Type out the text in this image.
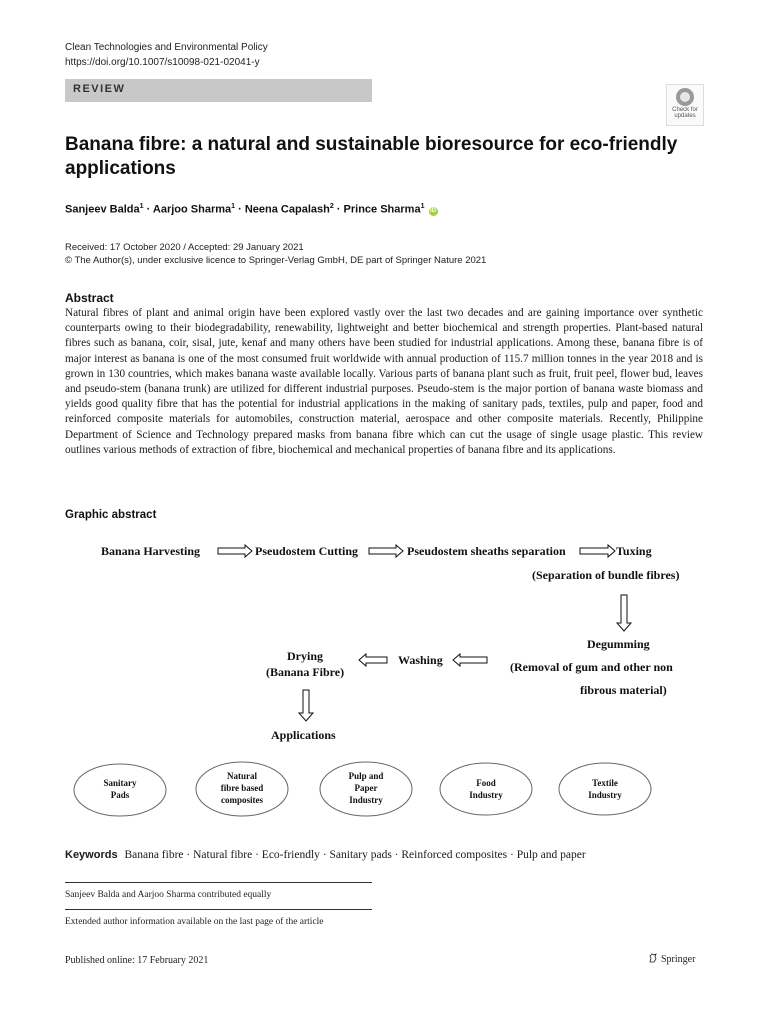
Clean Technologies and Environmental Policy
https://doi.org/10.1007/s10098-021-02041-y
REVIEW
Check for
updates
Banana fibre: a natural and sustainable bioresource for eco-friendly applications
Sanjeev Balda$^1$ · Aarjoo Sharma$^1$ · Neena Capalash$^2$ · Prince Sharma$^1$ iD
Received: 17 October 2020 / Accepted: 29 January 2021
© The Author(s), under exclusive licence to Springer-Verlag GmbH, DE part of Springer Nature 2021
Abstract
Natural fibres of plant and animal origin have been explored vastly over the last two decades and are gaining importance over synthetic counterparts owing to their biodegradability, renewability, lightweight and better biochemical and strength properties. Plant-based natural fibres such as banana, coir, sisal, jute, kenaf and many others have been studied for industrial applications. Among these, banana fibre is of major interest as banana is one of the most consumed fruit worldwide with annual production of 115.7 million tonnes in the year 2018 and is grown in 130 countries, which makes banana waste available locally. Various parts of banana plant such as fruit, fruit peel, flower bud, leaves and pseudo-stem (banana trunk) are utilized for different industrial purposes. Pseudo-stem is the major portion of banana waste biomass and yields good quality fibre that has the potential for industrial applications in the making of sanitary pads, textiles, pulp and paper, food and reinforced composite materials for automobiles, construction material, aerospace and other composite materials. Recently, Philippine Department of Science and Technology prepared masks from banana fibre which can cut the usage of single usage plastic. This review outlines various methods of extraction of fibre, biochemical and mechanical properties of banana fibre and its applications.
Graphic abstract
Banana Harvesting	Pseudostem Cutting	Pseudostem sheaths separation	Tuxing
(Separation of bundle fibres)
Degumming
(Removal of gum and other non
fibrous material)
Washing
Drying
(Banana Fibre)
Applications
Sanitary
Pads
Natural
fibre based
composites
Pulp and
Paper
Industry
Food
Industry
Textile
Industry
Keywords Banana fibre · Natural fibre · Eco-friendly · Sanitary pads · Reinforced composites · Pulp and paper
Sanjeev Balda and Aarjoo Sharma contributed equally
Extended author information available on the last page of the article
Published online: 17 February 2021	Springer
